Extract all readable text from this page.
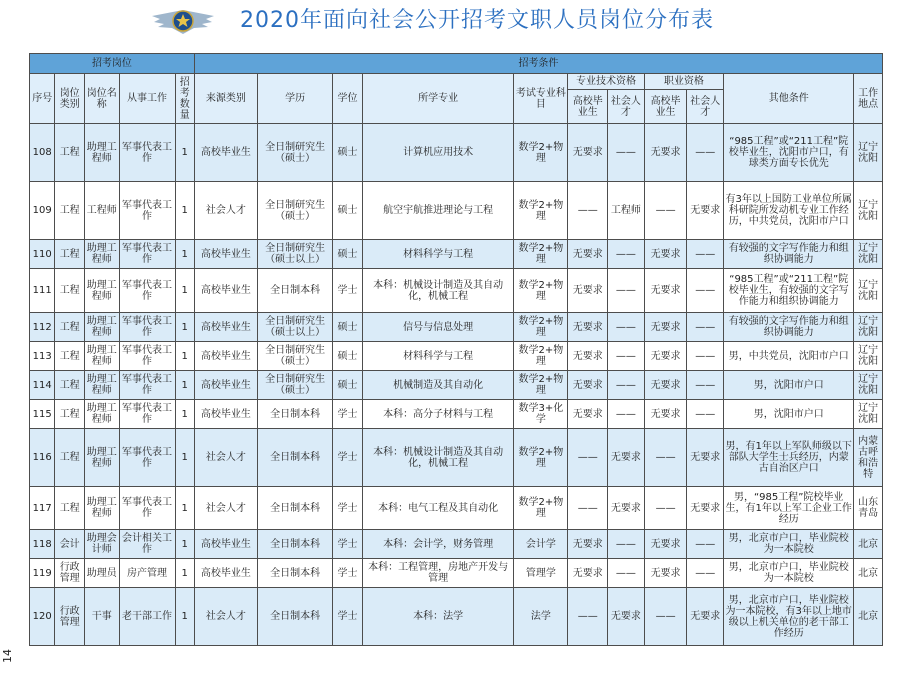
2020年面向社会公开招考文职人员岗位分布表
14
招考岗位					招考条件										
序号	岗位类别	岗位名称	从事工作	招考数量	来源类别	学历	学位	所学专业	考试专业科　目	专业技术资格		职业资格		其他条件	工作地点
										高校毕业生	社会人才	高校毕业生	社会人才		
108	工程	助理工程师	军事代表工作	1	高校毕业生	全日制研究生（硕士）	硕士	计算机应用技术	数学2+物理	无要求	——	无要求	——	“985工程”或“211工程”院校毕业生，沈阳市户口，有球类方面专长优先	辽宁沈阳
109	工程	工程师	军事代表工作	1	社会人才	全日制研究生（硕士）	硕士	航空宇航推进理论与工程	数学2+物理	——	工程师	——	无要求	有3年以上国防工业单位所属科研院所发动机专业工作经历，中共党员，沈阳市户口	辽宁沈阳
110	工程	助理工程师	军事代表工作	1	高校毕业生	全日制研究生（硕士以上）	硕士	材料科学与工程	数学2+物理	无要求	——	无要求	——	有较强的文字写作能力和组织协调能力	辽宁沈阳
111	工程	助理工程师	军事代表工作	1	高校毕业生	全日制本科	学士	本科：机械设计制造及其自动化，机械工程	数学2+物理	无要求	——	无要求	——	“985工程”或“211工程”院校毕业生，有较强的文字写作能力和组织协调能力	辽宁沈阳
112	工程	助理工程师	军事代表工作	1	高校毕业生	全日制研究生（硕士以上）	硕士	信号与信息处理	数学2+物理	无要求	——	无要求	——	有较强的文字写作能力和组织协调能力	辽宁沈阳
113	工程	助理工程师	军事代表工作	1	高校毕业生	全日制研究生（硕士）	硕士	材料科学与工程	数学2+物理	无要求	——	无要求	——	男，中共党员，沈阳市户口	辽宁沈阳
114	工程	助理工程师	军事代表工作	1	高校毕业生	全日制研究生（硕士）	硕士	机械制造及其自动化	数学2+物理	无要求	——	无要求	——	男，沈阳市户口	辽宁沈阳
115	工程	助理工程师	军事代表工作	1	高校毕业生	全日制本科	学士	本科：高分子材料与工程	数学3+化学	无要求	——	无要求	——	男，沈阳市户口	辽宁沈阳
116	工程	助理工程师	军事代表工作	1	社会人才	全日制本科	学士	本科：机械设计制造及其自动化，机械工程	数学2+物理	——	无要求	——	无要求	男，有1年以上军队师级以下部队大学生士兵经历，内蒙古自治区户口	内蒙古呼和浩特
117	工程	助理工程师	军事代表工作	1	社会人才	全日制本科	学士	本科：电气工程及其自动化	数学2+物理	——	无要求	——	无要求	男，“985工程”院校毕业生，有1年以上军工企业工作经历	山东青岛
118	会计	助理会计师	会计相关工作	1	高校毕业生	全日制本科	学士	本科：会计学，财务管理	会计学	无要求	——	无要求	——	男，北京市户口，毕业院校为一本院校	北京
119	行政管理	助理员	房产管理	1	高校毕业生	全日制本科	学士	本科：工程管理，房地产开发与管理	管理学	无要求	——	无要求	——	男，北京市户口，毕业院校为一本院校	北京
120	行政管理	干事	老干部工作	1	社会人才	全日制本科	学士	本科：法学	法学	——	无要求	——	无要求	男，北京市户口，毕业院校为一本院校，有3年以上地市级以上机关单位的老干部工作经历	北京
